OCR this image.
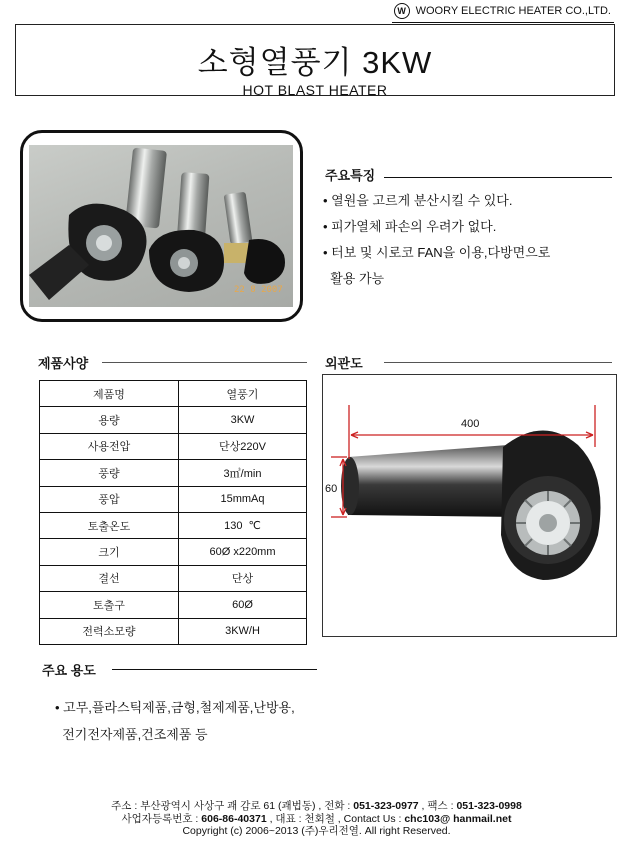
W WOORY ELECTRIC HEATER CO.,LTD.
소형열풍기 3KW
HOT BLAST HEATER
22 8 2007
주요특징
• 열원을 고르게 분산시킬 수 있다.
• 피가열체 파손의 우려가 없다.
• 터보 및 시로코 FAN을 이용,다방면으로
활용 가능
제품사양	외관도
제품명	열풍기
용량	3KW
사용전압	단상220V
풍량	3㎥/min
풍압	15mmAq
토출온도	130  ℃
크기	60Ø x220mm
결선	단상
토출구	60Ø
전력소모량	3KW/H
400
60
주요 용도
• 고무,플라스틱제품,금형,철제제품,난방용,
전기전자제품,건조제품 등
주소 : 부산광역시 사상구 괘 감로 61 (괘법동) , 전화 : 051-323-0977 , 팩스 : 051-323-0998
사업자등록번호 : 606-86-40371 , 대표 : 천회철 , Contact Us : chc103@ hanmail.net
Copyright (c) 2006~2013 (주)우리전열. All right Reserved.
